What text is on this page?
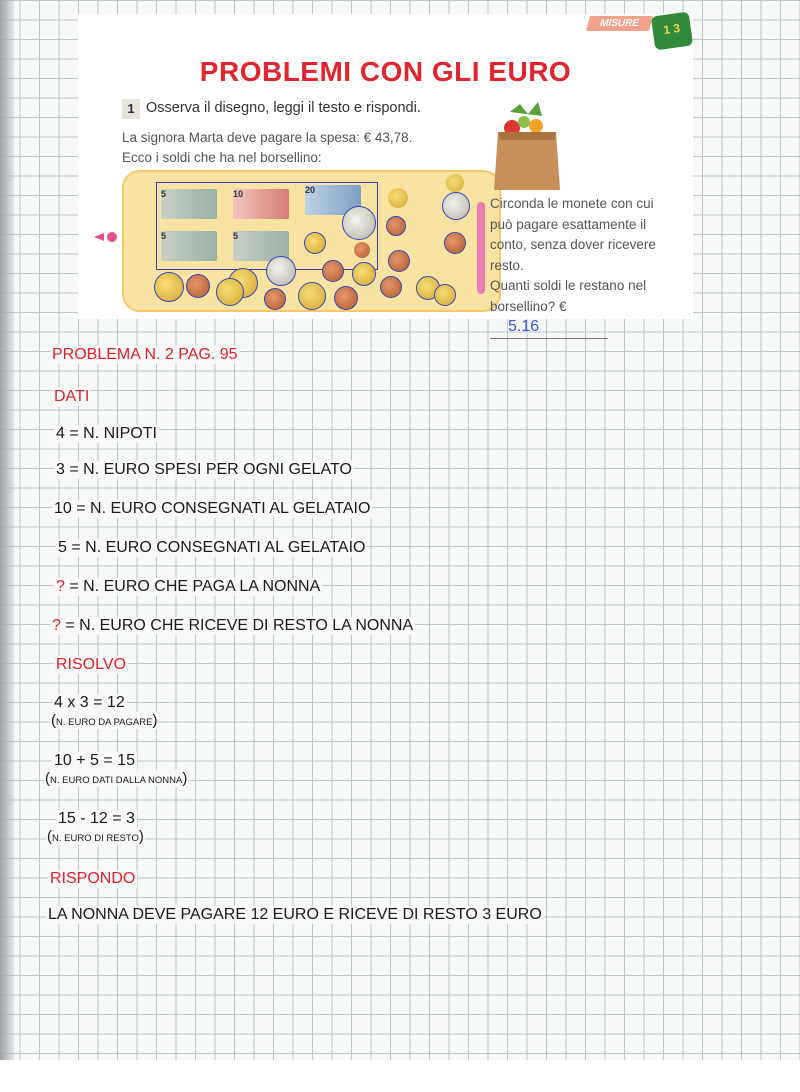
MISURE	1 3
PROBLEMI CON GLI EURO
1 Osserva il disegno, leggi il testo e rispondi.
La signora Marta deve pagare la spesa: € 43,78.
Ecco i soldi che ha nel borsellino:
5	10	20
5	5
Circonda le monete con cui
può pagare esattamente il
conto, senza dover ricevere
resto.
Quanti soldi le restano nel
borsellino? € 5.16
PROBLEMA N. 2 PAG. 95
DATI
4 = N. NIPOTI
3 = N. EURO SPESI PER OGNI GELATO
10 = N. EURO CONSEGNATI AL GELATAIO
5 = N. EURO CONSEGNATI AL GELATAIO
? = N. EURO CHE PAGA LA NONNA
? = N. EURO CHE RICEVE DI RESTO LA NONNA
RISOLVO
4 x 3 = 12
(N. EURO DA PAGARE)
10 + 5 = 15
(N. EURO DATI DALLA NONNA)
15 - 12 = 3
(N. EURO DI RESTO)
RISPONDO
LA NONNA DEVE PAGARE 12 EURO E RICEVE DI RESTO 3 EURO
